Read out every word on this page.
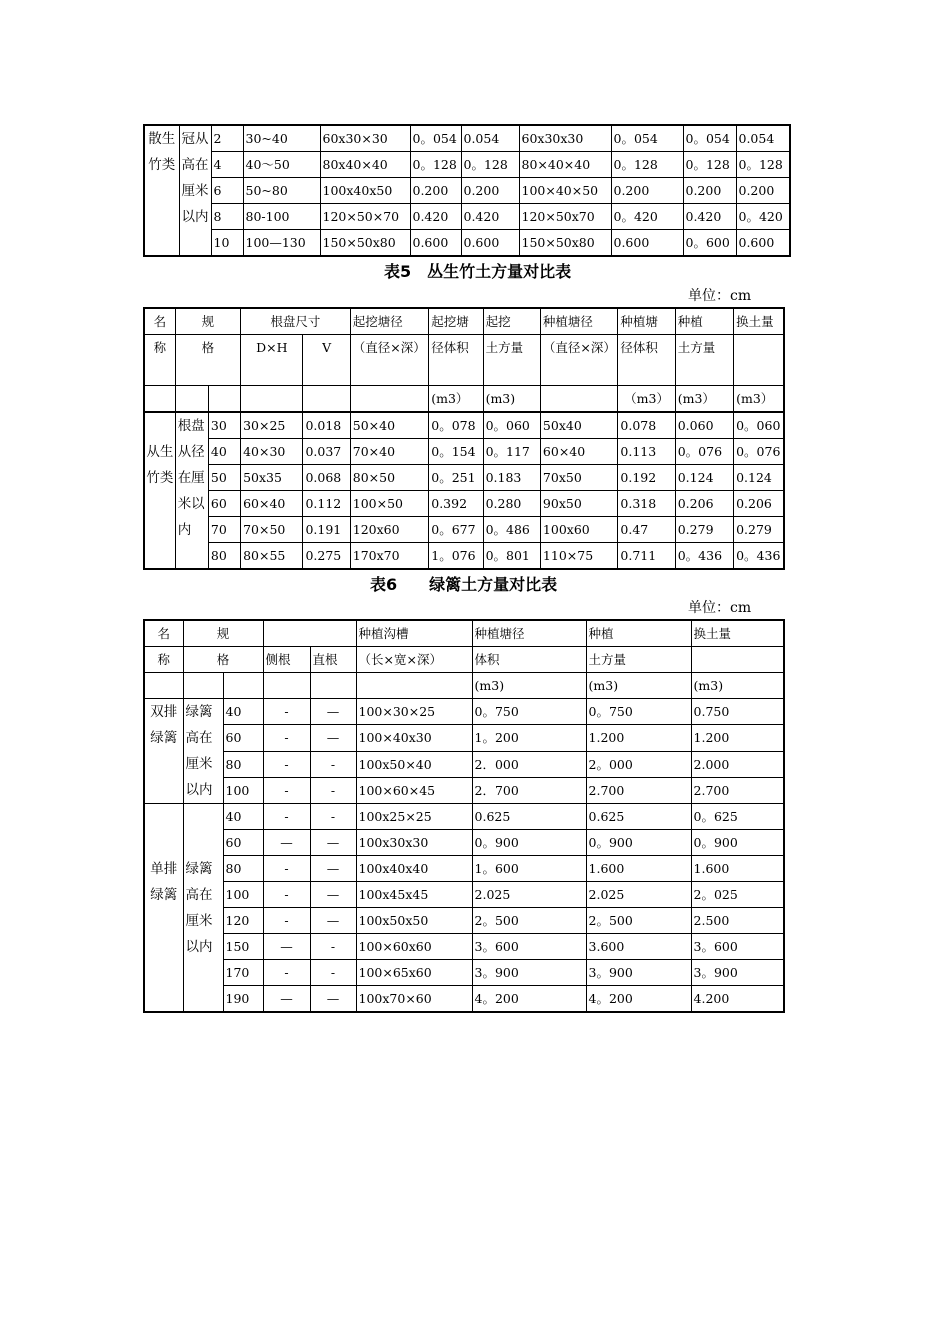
散生竹类	冠从高在厘米以内	2	30~40	60x30×30	0。054	0.054	60x30x30	0。054	0。054	0.054
		4	40～50	80x40×40	0。128	0。128	80×40×40	0。128	0。128	0。128
		6	50~80	100x40x50	0.200	0.200	100×40×50	0.200	0.200	0.200
		8	80-100	120×50×70	0.420	0.420	120×50x70	0。420	0.420	0。420
		10	100—130	150×50x80	0.600	0.600	150×50x80	0.600	0。600	0.600
表5　丛生竹土方量对比表
单位：cm
名	规		根盘尺寸		起挖塘径	起挖塘	起挖	种植塘径	种植塘	种植	换土量
称	格		D×H	V	（直径×深）	径体积	土方量	（直径×深）	径体积	土方量	
						(m3）	(m3)		（m3）	(m3）	(m3）
从生竹类	根盘从径在厘米以内	30	30×25	0.018	50×40	0。078	0。060	50x40	0.078	0.060	0。060
		40	40×30	0.037	70×40	0。154	0。117	60×40	0.113	0。076	0。076
		50	50x35	0.068	80×50	0。251	0.183	70x50	0.192	0.124	0.124
		60	60×40	0.112	100×50	0.392	0.280	90x50	0.318	0.206	0.206
		70	70×50	0.191	120x60	0。677	0。486	100x60	0.47	0.279	0.279
		80	80×55	0.275	170x70	1。076	0。801	110×75	0.711	0。436	0。436
表6　　绿篱土方量对比表
单位：cm
名	规				种植沟槽	种植塘径	种植	换土量
称	格		侧根	直根	（长×宽×深）	体积	土方量	
						(m3)	(m3)	(m3)
双排绿篱	绿篱高在厘米以内	40	-	—	100×30×25	0。750	0。750	0.750
		60	-	—	100×40x30	1。200	1.200	1.200
		80	-	-	100x50×40	2．000	2。000	2.000
		100	-	-	100×60×45	2．700	2.700	2.700
单排绿篱	绿篱高在厘米以内	40	-	-	100x25×25	0.625	0.625	0。625
		60	—	—	100x30x30	0。900	0。900	0。900
		80	-	—	100x40x40	1。600	1.600	1.600
		100	-	—	100x45x45	2.025	2.025	2。025
		120	-	—	100x50x50	2。500	2。500	2.500
		150	—	-	100×60x60	3。600	3.600	3。600
		170	-	-	100×65x60	3。900	3。900	3。900
		190	—	—	100x70×60	4。200	4。200	4.200
